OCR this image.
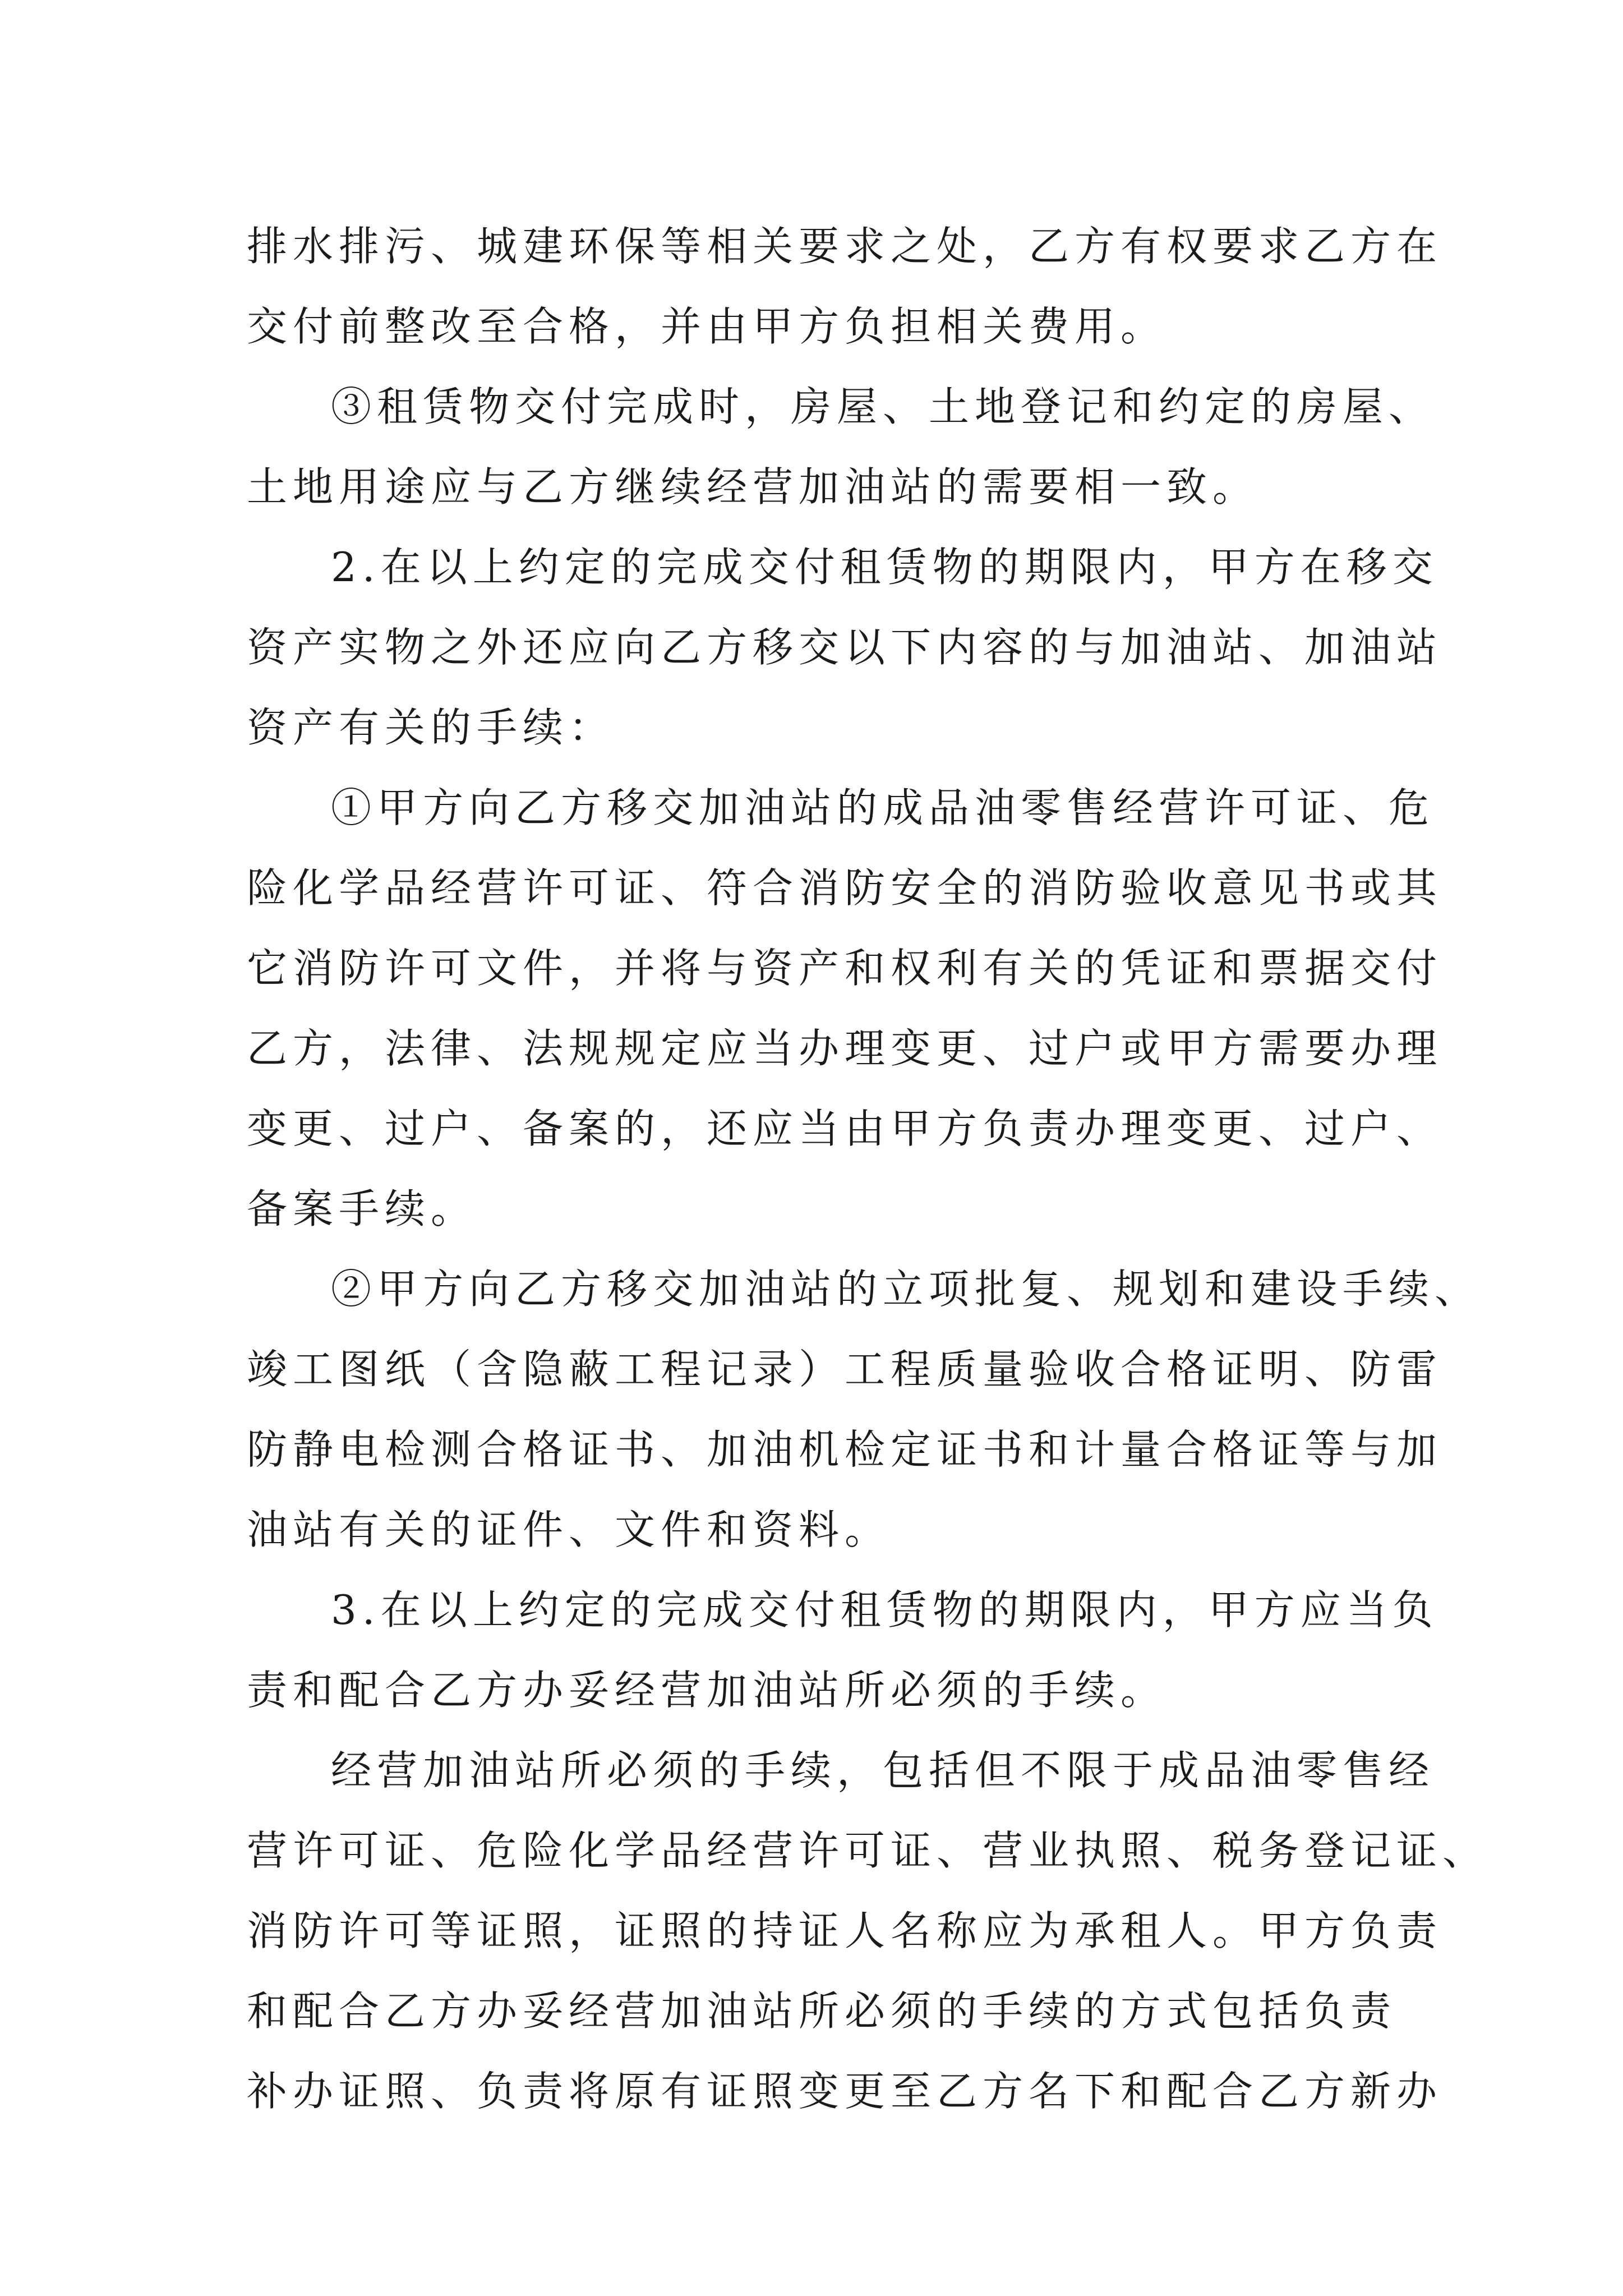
排水排污、城建环保等相关要求之处，乙方有权要求乙方在
交付前整改至合格，并由甲方负担相关费用。
③租赁物交付完成时，房屋、土地登记和约定的房屋、
土地用途应与乙方继续经营加油站的需要相一致。
2.在以上约定的完成交付租赁物的期限内，甲方在移交
资产实物之外还应向乙方移交以下内容的与加油站、加油站
资产有关的手续：
①甲方向乙方移交加油站的成品油零售经营许可证、危
险化学品经营许可证、符合消防安全的消防验收意见书或其
它消防许可文件，并将与资产和权利有关的凭证和票据交付
乙方，法律、法规规定应当办理变更、过户或甲方需要办理
变更、过户、备案的，还应当由甲方负责办理变更、过户、
备案手续。
②甲方向乙方移交加油站的立项批复、规划和建设手续、
竣工图纸（含隐蔽工程记录）工程质量验收合格证明、防雷
防静电检测合格证书、加油机检定证书和计量合格证等与加
油站有关的证件、文件和资料。
3.在以上约定的完成交付租赁物的期限内，甲方应当负
责和配合乙方办妥经营加油站所必须的手续。
经营加油站所必须的手续，包括但不限于成品油零售经
营许可证、危险化学品经营许可证、营业执照、税务登记证、
消防许可等证照，证照的持证人名称应为承租人。甲方负责
和配合乙方办妥经营加油站所必须的手续的方式包括负责
补办证照、负责将原有证照变更至乙方名下和配合乙方新办
